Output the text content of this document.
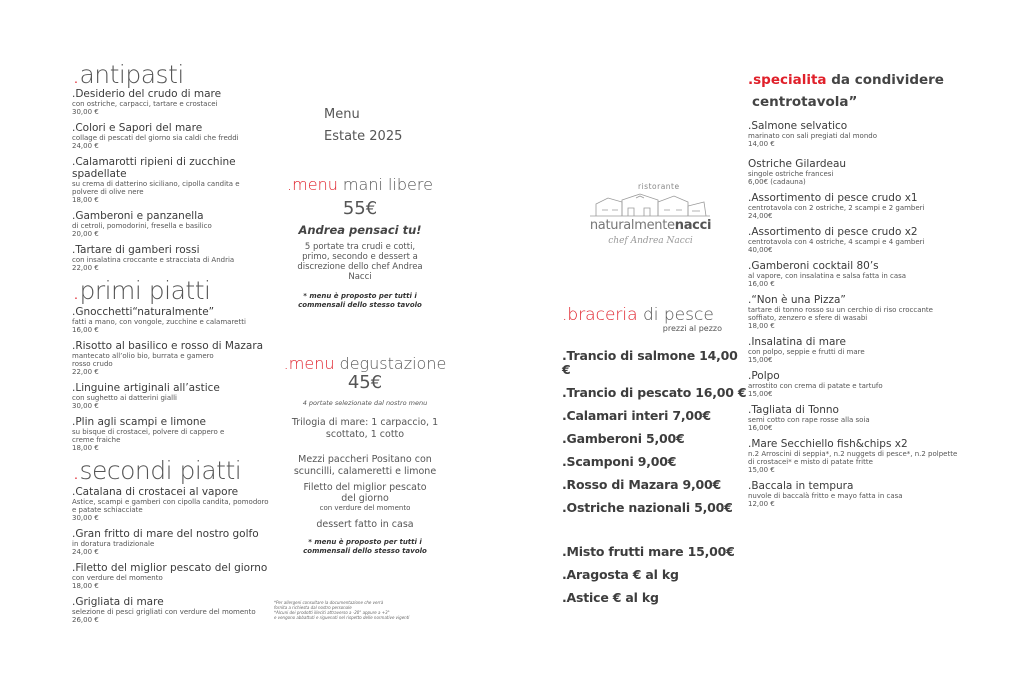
.antipasti
.Desiderio del crudo di mare
con ostriche, carpacci, tartare e crostacei
30,00 €
.Colori e Sapori del mare
collage di pescati del giorno sia caldi che freddi
24,00 €
.Calamarotti ripieni di zucchine spadellate
su crema di datterino siciliano, cipolla candita e polvere di olive nere
18,00 €
.Gamberoni e panzanella
di cetroli, pomodorini, fresella e basilico
20,00 €
.Tartare di gamberi rossi
con insalatina croccante e stracciata di Andria
22,00 €
.primi piatti
.Gnocchetti“naturalmente”
fatti a mano, con vongole, zucchine e calamaretti
16,00 €
.Risotto al basilico e rosso di Mazara
mantecato all’olio bio, burrata e gamero rosso crudo
22,00 €
.Linguine artiginali all’astice
con sughetto ai datterini gialli
30,00 €
.Plin agli scampi e limone
su bisque di crostacei, polvere di cappero e creme fraiche
18,00 €
.secondi piatti
.Catalana di crostacei al vapore
Astice, scampi e gamberi con cipolla candita, pomodoro e patate schiacciate
30,00 €
.Gran fritto di mare del nostro golfo
in doratura tradizionale
24,00 €
.Filetto del miglior pescato del giorno
con verdure del momento
18,00 €
.Grigliata di mare
selezione di pesci grigliati con verdure del momento
26,00 €
Menu
Estate 2025
.menu mani libere
55€
Andrea pensaci tu!
5 portate tra crudi e cotti, primo, secondo e dessert a discrezione dello chef Andrea Nacci
* menu è proposto per tutti i commensali dello stesso tavolo
.menu degustazione
45€
4 portate selezionate dal nostro menu
Trilogia di mare: 1 carpaccio, 1 scottato, 1 cotto
Mezzi paccheri Positano con scuncilli, calameretti e limone
Filetto del miglior pescato del giorno
con verdure del momento
dessert fatto in casa
* menu è proposto per tutti i commensali dello stesso tavolo
*Per allergeni consultare la documentazione che verrà
fornita a richiesta dal nostro personale
*Alcuni dei prodotti illeciti attraverso a -20° appure a +3°
e vengono abbattuti e riguenati nel rispetto delle normative vigenti
ristorante
naturalmentenacci
chef Andrea Nacci
.braceria di pesce
prezzi al pezzo
.Trancio di salmone 14,00 €
.Trancio di pescato 16,00 €
.Calamari interi 7,00€
.Gamberoni 5,00€
.Scamponi 9,00€
.Rosso di Mazara 9,00€
.Ostriche nazionali 5,00€
.Misto frutti mare 15,00€
.Aragosta € al kg
.Astice € al kg
.specialita da condividere
centrotavola”
.Salmone selvatico
marinato con sali pregiati dal mondo
14,00 €
Ostriche Gilardeau
singole ostriche francesi
6,00€ (cadauna)
.Assortimento di pesce crudo x1
centrotavola con 2 ostriche, 2 scampi e 2 gamberi
24,00€
.Assortimento di pesce crudo x2
centrotavola con 4 ostriche, 4 scampi e 4 gamberi
40,00€
.Gamberoni cocktail 80’s
al vapore, con insalatina e salsa fatta in casa
16,00 €
.“Non è una Pizza”
tartare di tonno rosso su un cerchio di riso croccante soffiato, zenzero e sfere di wasabi
18,00 €
.Insalatina di mare
con polpo, seppie e frutti di mare
15,00€
.Polpo
arrostito con crema di patate e tartufo
15,00€
.Tagliata di Tonno
semi cotto con rape rosse alla soia
16,00€
.Mare Secchiello fish&chips x2
n.2 Arroscini di seppia*, n.2 nuggets di pesce*, n.2 polpette di crostacei* e misto di patate fritte
15,00 €
.Baccala in tempura
nuvole di baccalà fritto e mayo fatta in casa
12,00 €
